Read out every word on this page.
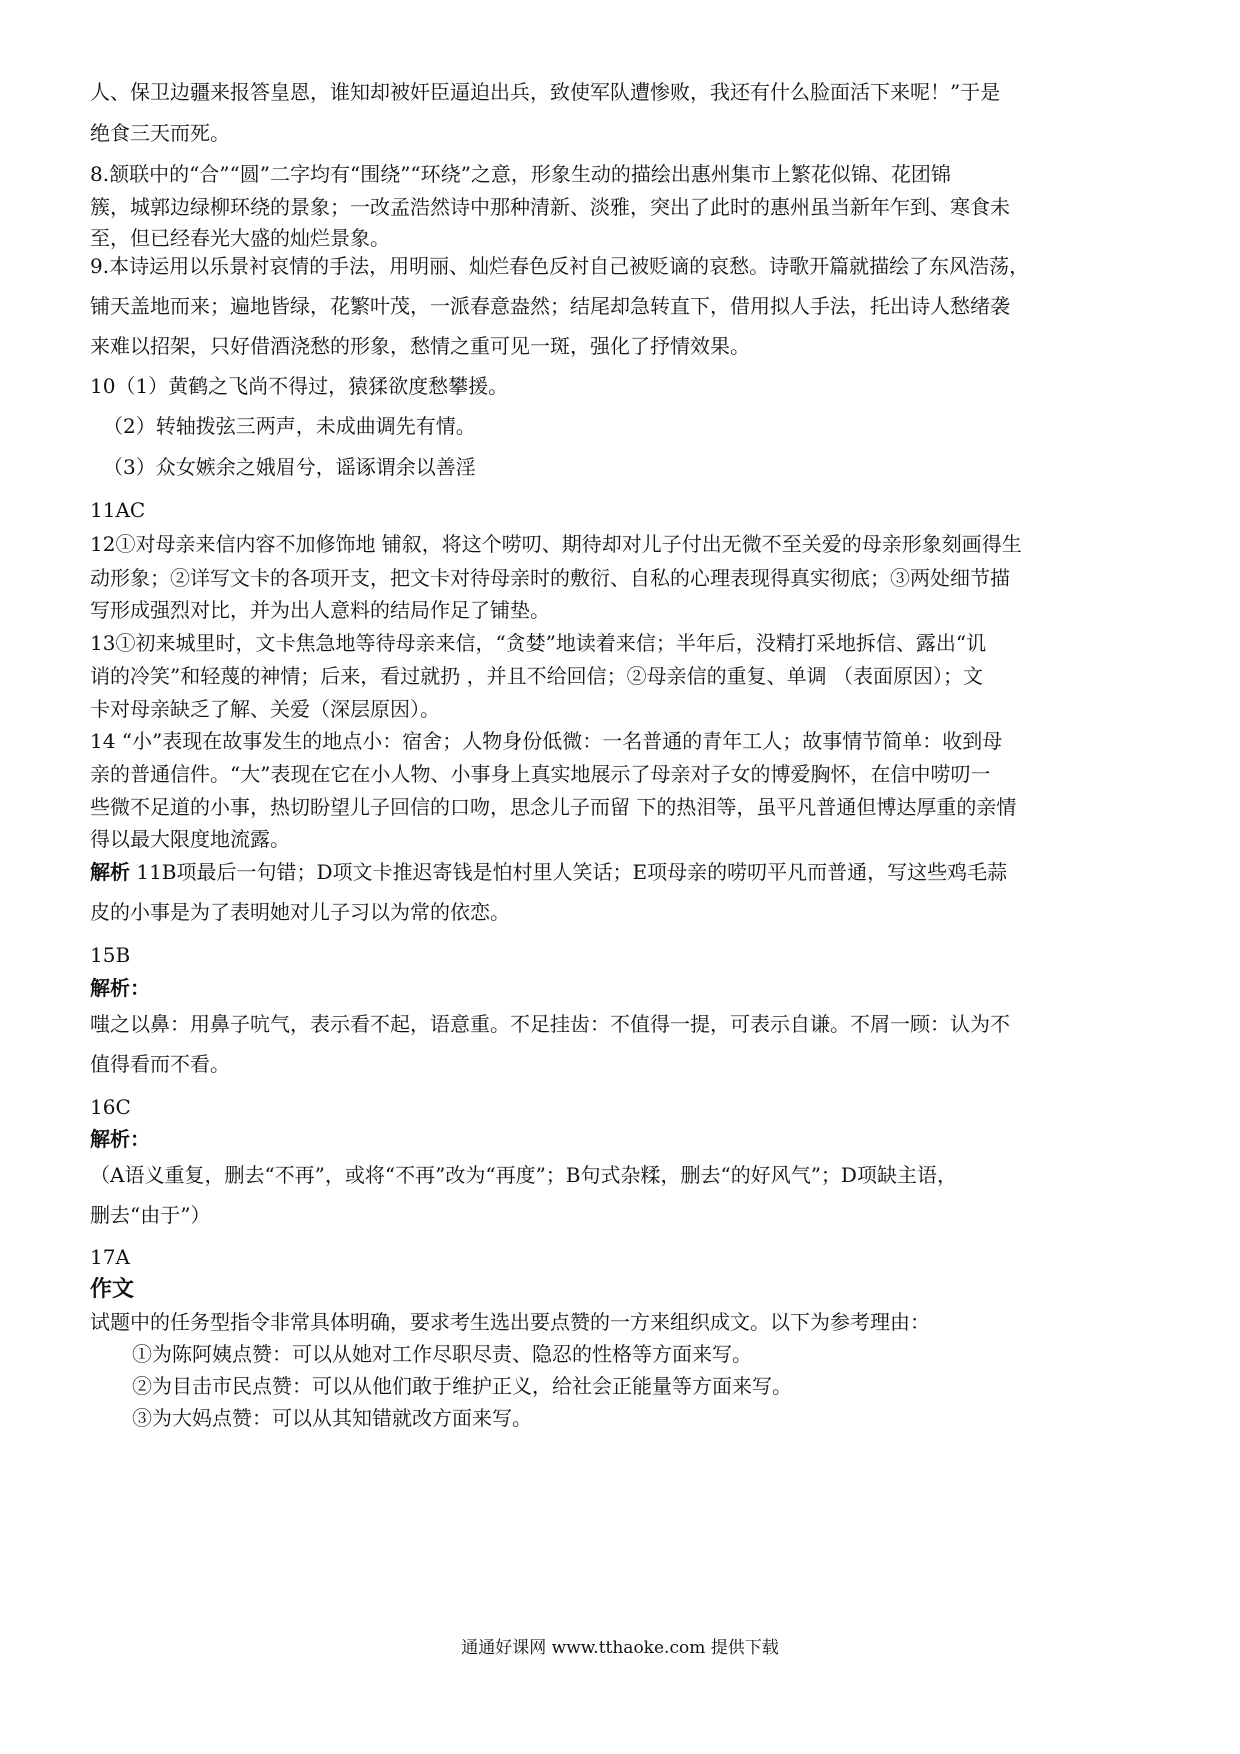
人、保卫边疆来报答皇恩，谁知却被奸臣逼迫出兵，致使军队遭惨败，我还有什么脸面活下来呢！”于是
绝食三天而死。
8.颔联中的“合”“圆”二字均有“围绕”“环绕”之意，形象生动的描绘出惠州集市上繁花似锦、花团锦
簇，城郭边绿柳环绕的景象；一改孟浩然诗中那种清新、淡雅，突出了此时的惠州虽当新年乍到、寒食未
至，但已经春光大盛的灿烂景象。
9.本诗运用以乐景衬哀情的手法，用明丽、灿烂春色反衬自己被贬谪的哀愁。诗歌开篇就描绘了东风浩荡，
铺天盖地而来；遍地皆绿，花繁叶茂，一派春意盎然；结尾却急转直下，借用拟人手法，托出诗人愁绪袭
来难以招架，只好借酒浇愁的形象，愁情之重可见一斑，强化了抒情效果。
10（1）黄鹤之飞尚不得过，猿猱欲度愁攀援。
（2）转轴拨弦三两声，未成曲调先有情。
（3）众女嫉余之娥眉兮，谣诼谓余以善淫
11AC
12①对母亲来信内容不加修饰地 铺叙，将这个唠叨、期待却对儿子付出无微不至关爱的母亲形象刻画得生
动形象；②详写文卡的各项开支，把文卡对待母亲时的敷衍、自私的心理表现得真实彻底；③两处细节描
写形成强烈对比，并为出人意料的结局作足了铺垫。
13①初来城里时，文卡焦急地等待母亲来信，“贪婪”地读着来信；半年后，没精打采地拆信、露出“讥
诮的冷笑”和轻蔑的神情；后来，看过就扔 ，并且不给回信；②母亲信的重复、单调 （表面原因）；文
卡对母亲缺乏了解、关爱（深层原因）。
14 “小”表现在故事发生的地点小：宿舍；人物身份低微：一名普通的青年工人；故事情节简单：收到母
亲的普通信件。“大”表现在它在小人物、小事身上真实地展示了母亲对子女的博爱胸怀，在信中唠叨一
些微不足道的小事，热切盼望儿子回信的口吻，思念儿子而留 下的热泪等，虽平凡普通但博达厚重的亲情
得以最大限度地流露。
解析 11B项最后一句错；D项文卡推迟寄钱是怕村里人笑话；E项母亲的唠叨平凡而普通，写这些鸡毛蒜
皮的小事是为了表明她对儿子习以为常的依恋。
15B
解析：
嗤之以鼻：用鼻子吭气，表示看不起，语意重。不足挂齿：不值得一提，可表示自谦。不屑一顾：认为不
值得看而不看。
16C
解析：
（A语义重复，删去“不再”，或将“不再”改为“再度”；B句式杂糅，删去“的好风气”；D项缺主语，
删去“由于”）
17A
作文
试题中的任务型指令非常具体明确，要求考生选出要点赞的一方来组织成文。以下为参考理由：
①为陈阿姨点赞：可以从她对工作尽职尽责、隐忍的性格等方面来写。
②为目击市民点赞：可以从他们敢于维护正义，给社会正能量等方面来写。
③为大妈点赞：可以从其知错就改方面来写。
通通好课网 www.tthaoke.com 提供下载
